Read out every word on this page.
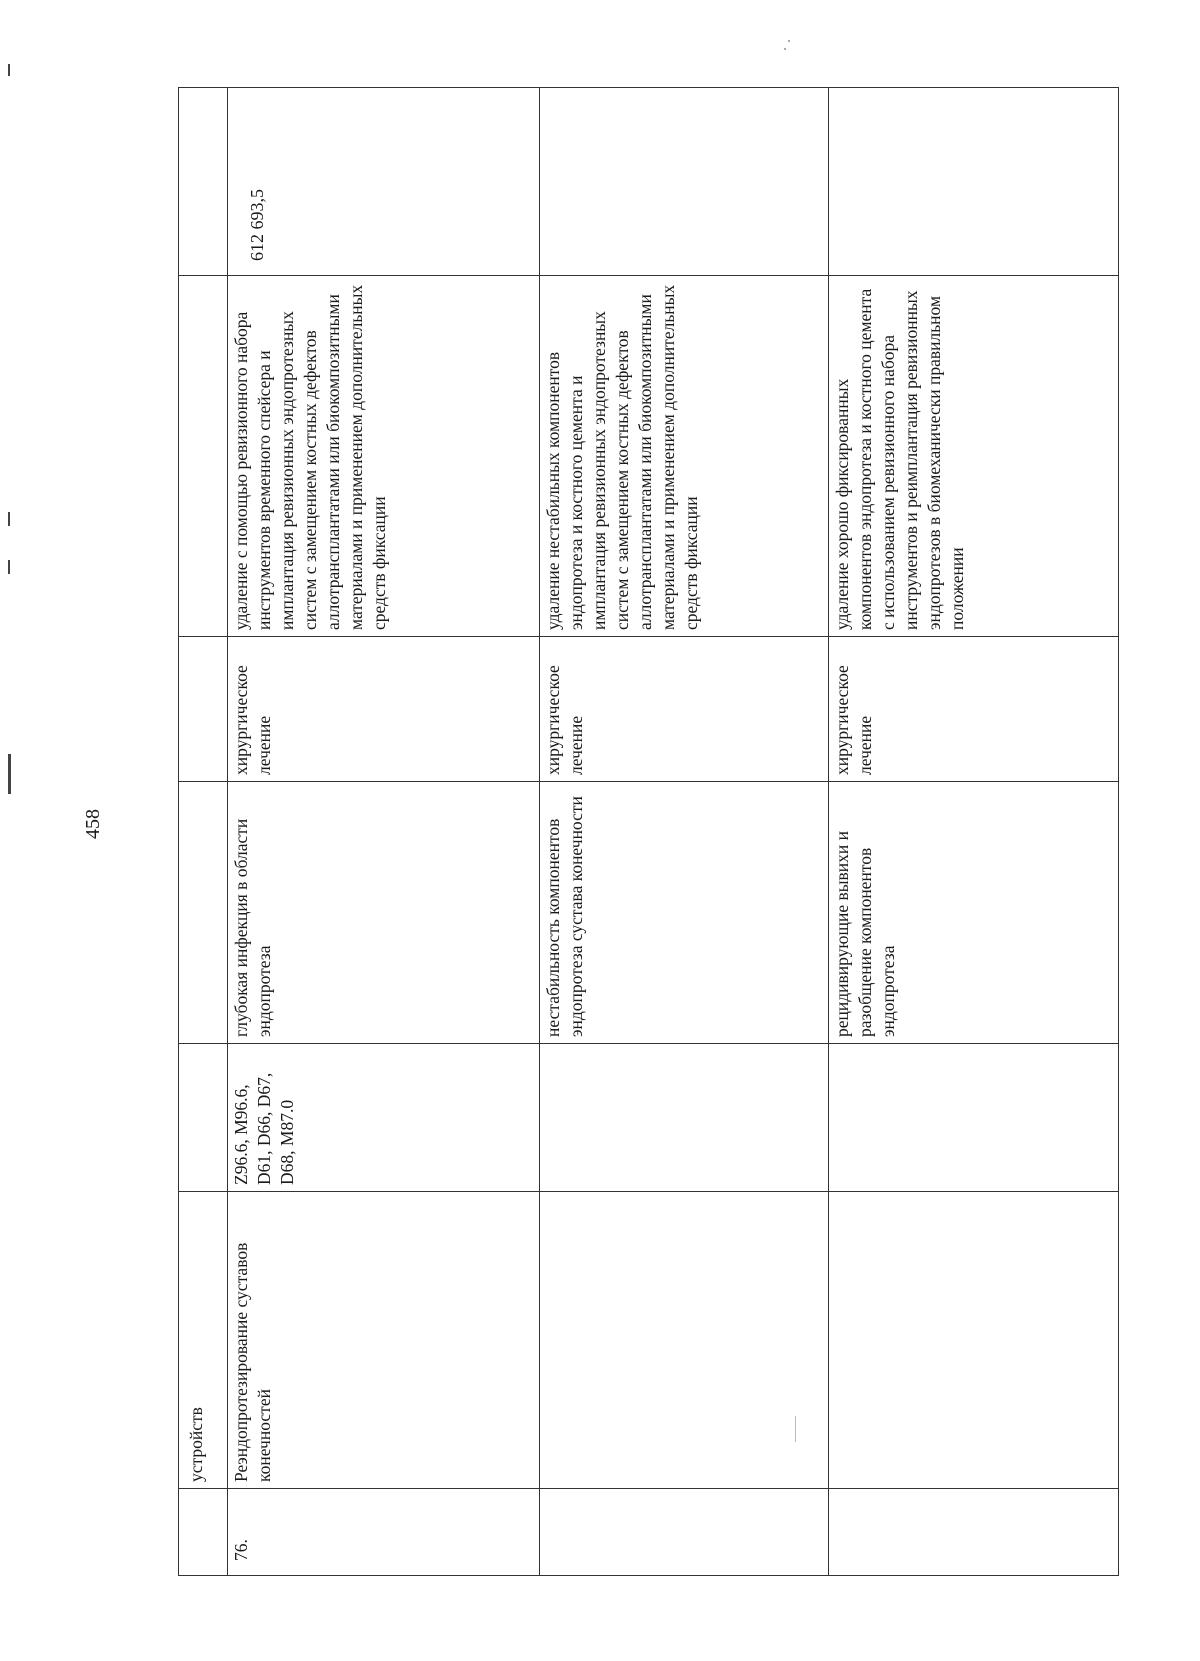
458
	устройств					
76.	Реэндопротезирование суставов конечностей	Z96.6, M96.6, D61, D66, D67, D68, M87.0	глубокая инфекция в области эндопротеза	хирургическое лечение	удаление с помощью ревизионного набора инструментов временного спейсера и имплантация ревизионных эндопротезных систем с замещением костных дефектов аллотрансплантатами или биокомпозитными материалами и применением дополнительных средств фиксации	612 693,5
			нестабильность компонентов эндопротеза сустава конечности	хирургическое лечение	удаление нестабильных компонентов эндопротеза и костного цемента и имплантация ревизионных эндопротезных систем с замещением костных дефектов аллотрансплантатами или биокомпозитными материалами и применением дополнительных средств фиксации	
			рецидивирующие вывихи и разобщение компонентов эндопротеза	хирургическое лечение	удаление хорошо фиксированных компонентов эндопротеза и костного цемента с использованием ревизионного набора инструментов и реимплантация ревизионных эндопротезов в биомеханически правильном положении	
